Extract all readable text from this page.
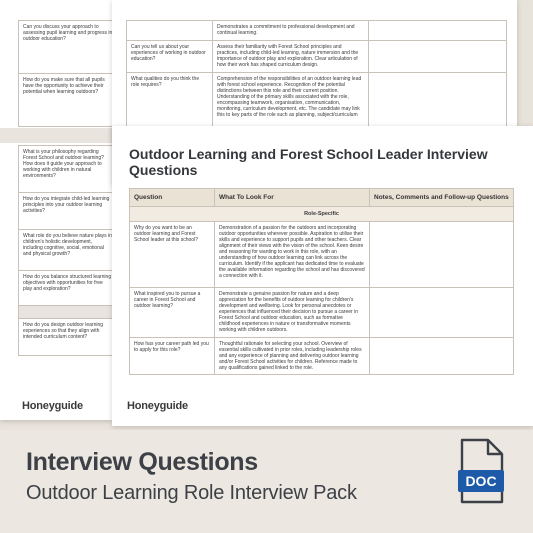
Can you discuss your approach to assessing pupil learning and progress in outdoor education?
How do you make sure that all pupils have the opportunity to achieve their potential when learning outdoors?
What is your philosophy regarding Forest School and outdoor learning? How does it guide your approach to working with children in natural environments?
How do you integrate child-led learning principles into your outdoor learning activities?
What role do you believe nature plays in children's holistic development, including cognitive, social, emotional and physical growth?
How do you balance structured learning objectives with opportunities for free play and exploration?

How do you design outdoor learning experiences so that they align with intended curriculum content?
Honeyguide
	Demonstrates a commitment to professional development and continual learning.	
Can you tell us about your experiences of working in outdoor education?	Assess their familiarity with Forest School principles and practices, including child-led learning, nature immersion and the importance of outdoor play and exploration. Clear articulation of how their work has shaped curriculum design.	
What qualities do you think the role requires?	Comprehension of the responsibilities of an outdoor learning lead with forest school experience. Recognition of the potential distinctions between this role and their current position. Understanding of the primary skills associated with the role, encompassing teamwork, organisation, communication, monitoring, curriculum development, etc. The candidate may link this to key parts of the role such as planning, subject/curriculum	
Outdoor Learning and Forest School Leader Interview Questions
Question	What To Look For	Notes, Comments and Follow-up Questions
Role-Specific		
Why do you want to be an outdoor learning and Forest School leader at this school?	Demonstration of a passion for the outdoors and incorporating outdoor opportunities wherever possible. Aspiration to utilise their skills and experience to support pupils and other teachers. Clear alignment of their views with the vision of the school. Keen desire and reasoning for wanting to work in this role, with an understanding of how outdoor learning can link across the curriculum. Identify if the applicant has dedicated time to evaluate the available information regarding the school and has discovered a connection with it.	
What inspired you to pursue a career in Forest School and outdoor learning?	Demonstrate a genuine passion for nature and a deep appreciation for the benefits of outdoor learning for children's development and wellbeing. Look for personal anecdotes or experiences that influenced their decision to pursue a career in Forest School and outdoor education, such as formative childhood experiences in nature or transformative moments working with children outdoors.	
How has your career path led you to apply for this role?	Thoughtful rationale for selecting your school. Overview of essential skills cultivated in prior roles, including leadership roles and any experience of planning and delivering outdoor learning and/or Forest School activities for children. Reference made to any qualifications gained linked to the role.	
Honeyguide
Interview Questions
Outdoor Learning Role Interview Pack
DOC
